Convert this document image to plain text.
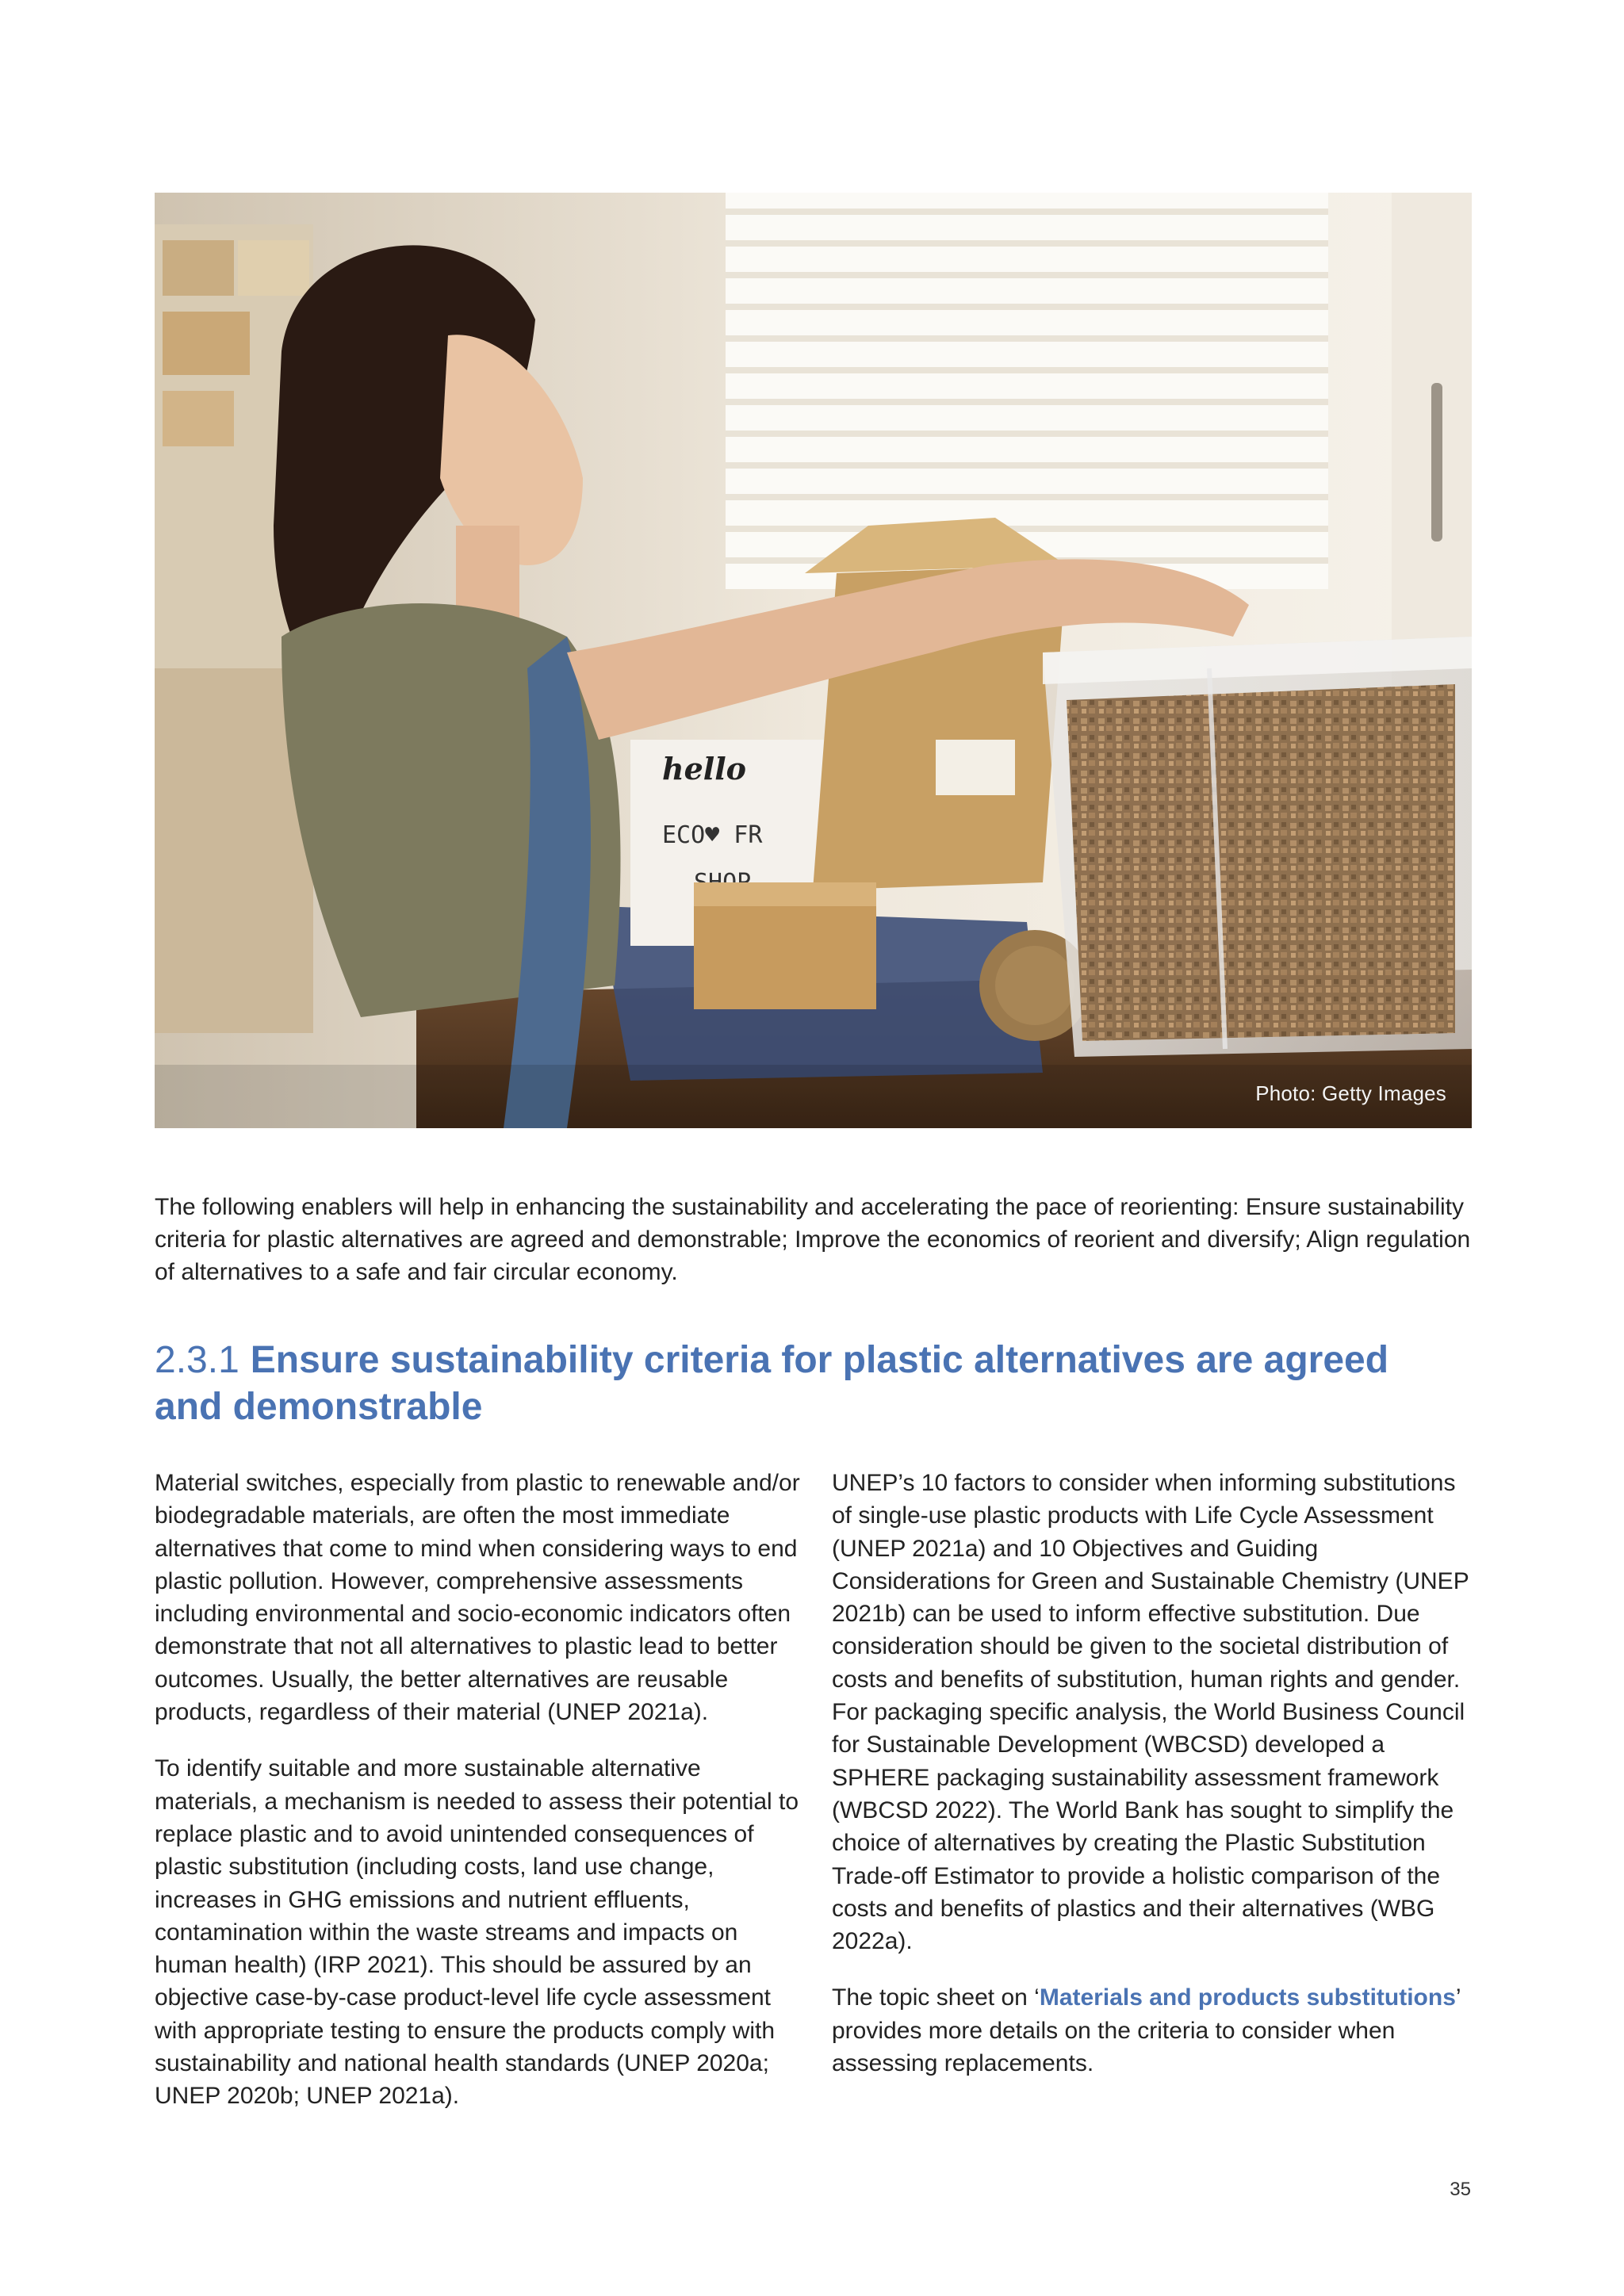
hello
ECO♥ FR
Photo: Getty Images

The following enablers will help in enhancing the sustainability and accelerating the pace of reorienting: Ensure sustainability criteria for plastic alternatives are agreed and demonstrable; Improve the economics of reorient and diversify; Align regulation of alternatives to a safe and fair circular economy.

2.3.1 Ensure sustainability criteria for plastic alternatives are agreed and demonstrable

Material switches, especially from plastic to renewable and/or biodegradable materials, are often the most immediate alternatives that come to mind when considering ways to end plastic pollution. However, comprehensive assessments including environmental and socio-economic indicators often demonstrate that not all alternatives to plastic lead to better outcomes. Usually, the better alternatives are reusable products, regardless of their material (UNEP 2021a).

To identify suitable and more sustainable alternative materials, a mechanism is needed to assess their potential to replace plastic and to avoid unintended consequences of plastic substitution (including costs, land use change, increases in GHG emissions and nutrient effluents, contamination within the waste streams and impacts on human health) (IRP 2021). This should be assured by an objective case-by-case product-level life cycle assessment with appropriate testing to ensure the products comply with sustainability and national health standards (UNEP 2020a; UNEP 2020b; UNEP 2021a).

UNEP’s 10 factors to consider when informing substitutions of single-use plastic products with Life Cycle Assessment (UNEP 2021a) and 10 Objectives and Guiding Considerations for Green and Sustainable Chemistry (UNEP 2021b) can be used to inform effective substitution. Due consideration should be given to the societal distribution of costs and benefits of substitution, human rights and gender. For packaging specific analysis, the World Business Council for Sustainable Development (WBCSD) developed a SPHERE packaging sustainability assessment framework (WBCSD 2022). The World Bank has sought to simplify the choice of alternatives by creating the Plastic Substitution Trade-off Estimator to provide a holistic comparison of the costs and benefits of plastics and their alternatives (WBG 2022a).

The topic sheet on ‘Materials and products substitutions’ provides more details on the criteria to consider when assessing replacements.

35
